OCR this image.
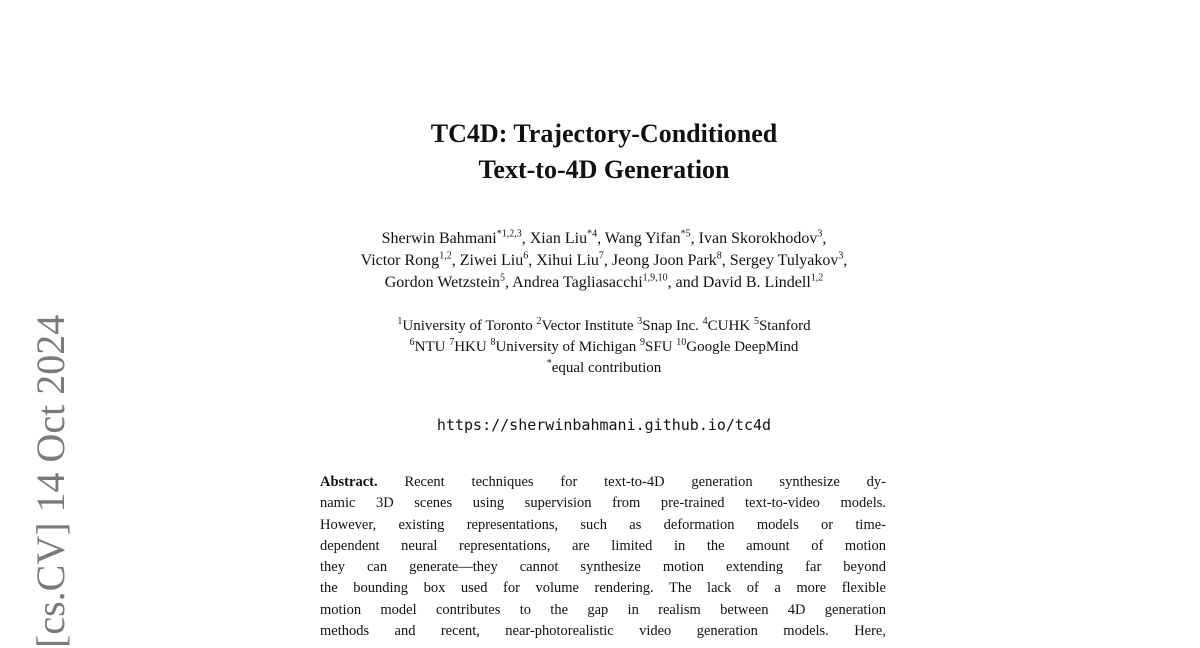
[cs.CV] 14 Oct 2024
TC4D: Trajectory-Conditioned
Text-to-4D Generation
Sherwin Bahmani$^{*1,2,3}$, Xian Liu$^{*4}$, Wang Yifan$^{*5}$, Ivan Skorokhodov$^3$,
Victor Rong$^{1,2}$, Ziwei Liu$^6$, Xihui Liu$^7$, Jeong Joon Park$^8$, Sergey Tulyakov$^3$,
Gordon Wetzstein$^5$, Andrea Tagliasacchi$^{1,9,10}$, and David B. Lindell$^{1,2}$
$^1$University of Toronto $^2$Vector Institute $^3$Snap Inc. $^4$CUHK $^5$Stanford
$^6$NTU $^7$HKU $^8$University of Michigan $^9$SFU $^{10}$Google DeepMind
*equal contribution
https://sherwinbahmani.github.io/tc4d
Abstract. Recent techniques for text-to-4D generation synthesize dy-
namic 3D scenes using supervision from pre-trained text-to-video models.
However, existing representations, such as deformation models or time-
dependent neural representations, are limited in the amount of motion
they can generate—they cannot synthesize motion extending far beyond
the bounding box used for volume rendering. The lack of a more flexible
motion model contributes to the gap in realism between 4D generation
methods and recent, near-photorealistic video generation models. Here,
